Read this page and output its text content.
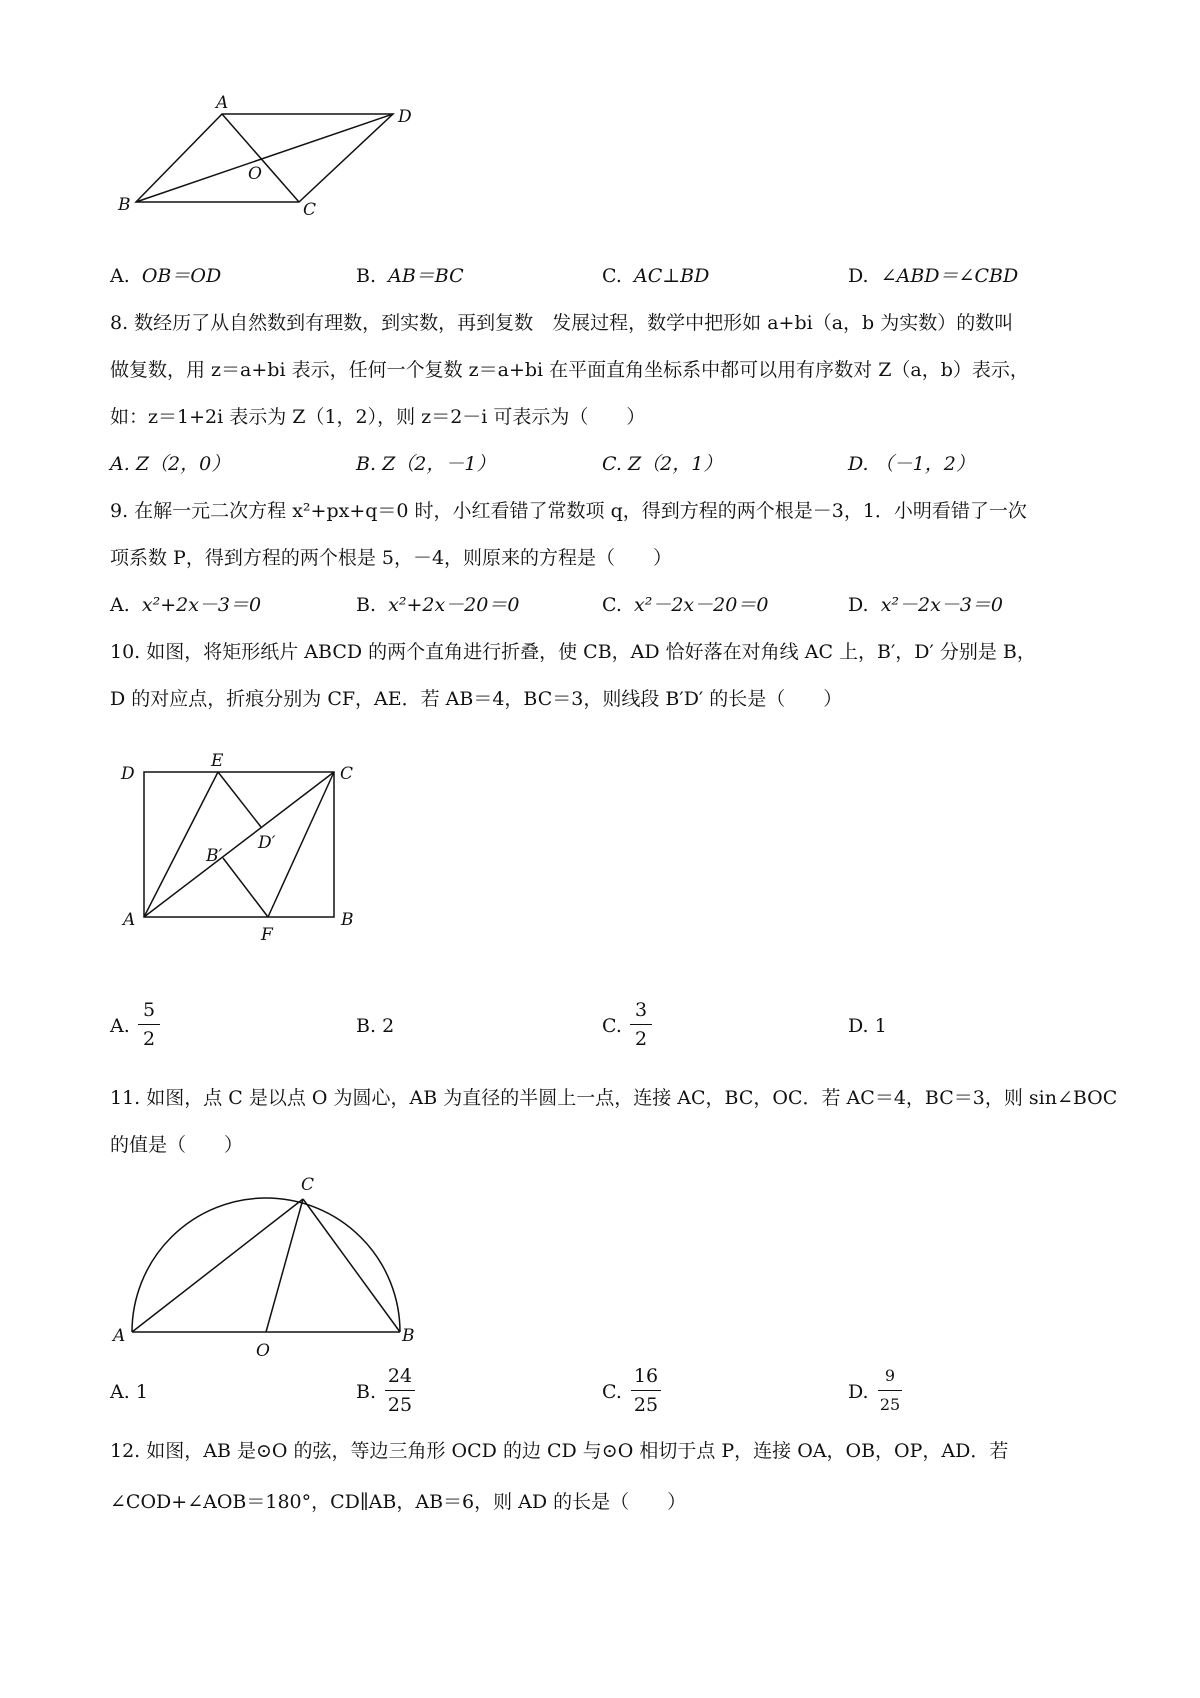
A
D
O
B	C
A. OB＝OD	B. AB＝BC	C. AC⊥BD	D. ∠ABD＝∠CBD
8. 数经历了从自然数到有理数，到实数，再到复数　发展过程，数学中把形如 a+bi（a，b 为实数）的数叫
做复数，用 z＝a+bi 表示，任何一个复数 z＝a+bi 在平面直角坐标系中都可以用有序数对 Z（a，b）表示，
如：z＝1+2i 表示为 Z（1，2），则 z＝2－i 可表示为（　　）
A. Z（2，0）	B. Z（2，－1）	C. Z（2，1）	D. （－1，2）
9. 在解一元二次方程 x²+px+q＝0 时，小红看错了常数项 q，得到方程的两个根是－3，1．小明看错了一次
项系数 P，得到方程的两个根是 5，－4，则原来的方程是（　　）
A. x²+2x－3＝0	B. x²+2x－20＝0	C. x²－2x－20＝0	D. x²－2x－3＝0
10. 如图，将矩形纸片 ABCD 的两个直角进行折叠，使 CB，AD 恰好落在对角线 AC 上，B′，D′ 分别是 B，
D 的对应点，折痕分别为 CF，AE．若 AB＝4，BC＝3，则线段 B′D′ 的长是（　　）
D
E
C
D′
B′
A
F
B
A.
5
2
B. 2	C.
3
2
D. 1
11. 如图，点 C 是以点 O 为圆心，AB 为直径的半圆上一点，连接 AC，BC，OC．若 AC＝4，BC＝3，则 sin∠BOC
的值是（　　）
C
A
O
B
A. 1	B.
24
25
C.
16
25
D.
9
25
12. 如图，AB 是⊙O 的弦，等边三角形 OCD 的边 CD 与⊙O 相切于点 P，连接 OA，OB，OP，AD．若
∠COD+∠AOB＝180°，CD∥AB，AB＝6，则 AD 的长是（　　）
